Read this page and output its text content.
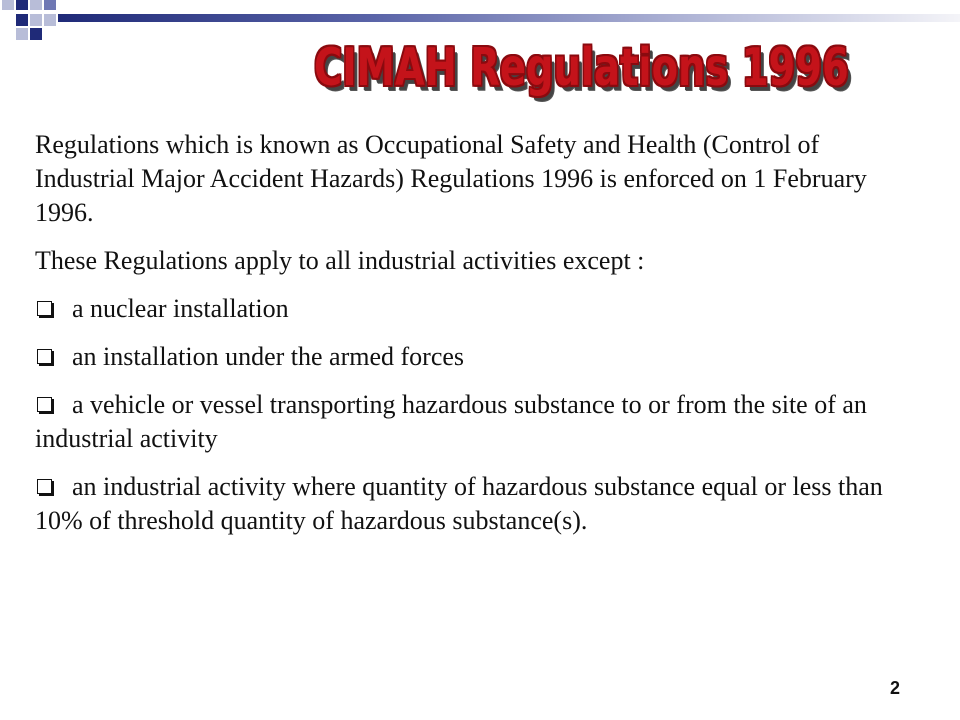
CIMAH Regulations 1996

Regulations which is known as Occupational Safety and Health (Control of Industrial Major Accident Hazards) Regulations 1996 is enforced on 1 February 1996.

These Regulations apply to all industrial activities except :

a nuclear installation

an installation under the armed forces

a vehicle or vessel transporting hazardous substance to or from the site of an industrial activity

an industrial activity where quantity of hazardous substance equal or less than 10% of threshold quantity of hazardous substance(s).

2
